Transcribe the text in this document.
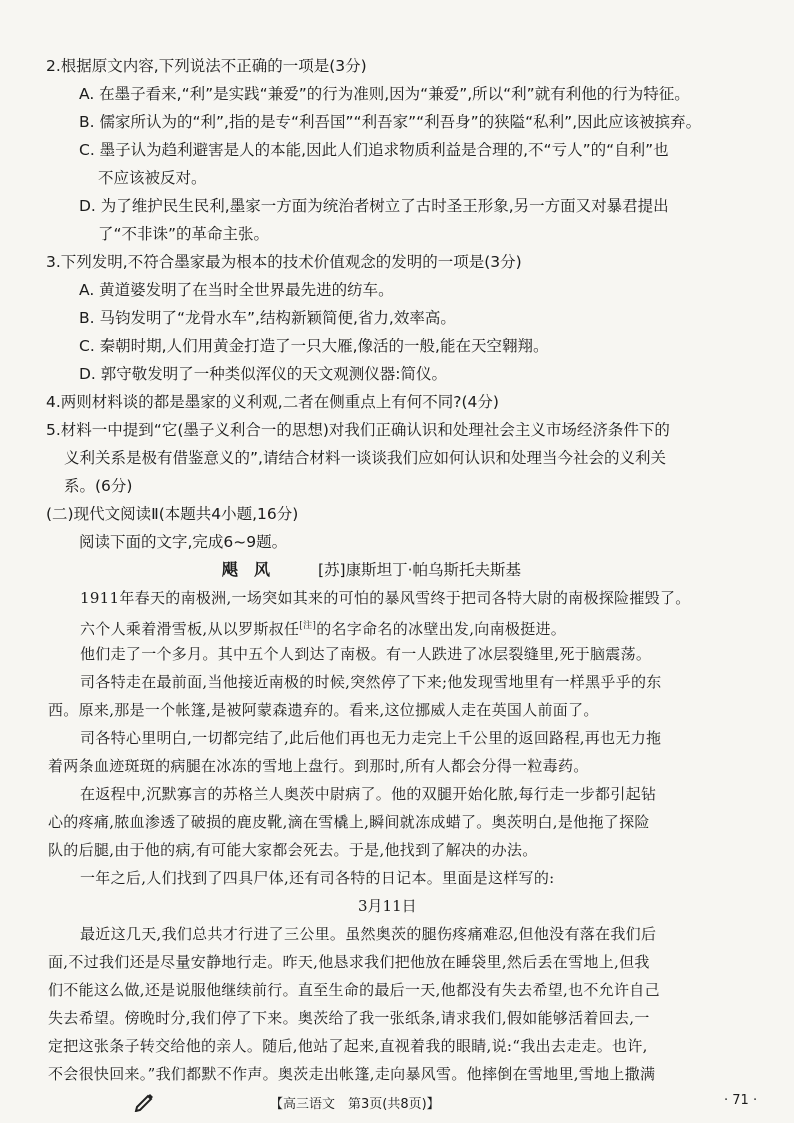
2.根据原文内容,下列说法不正确的一项是(3分)

A. 在墨子看来,“利”是实践“兼爱”的行为准则,因为“兼爱”,所以“利”就有利他的行为特征。

B. 儒家所认为的“利”,指的是专“利吾国”“利吾家”“利吾身”的狭隘“私利”,因此应该被摈弃。

C. 墨子认为趋利避害是人的本能,因此人们追求物质利益是合理的,不“亏人”的“自利”也

不应该被反对。

D. 为了维护民生民利,墨家一方面为统治者树立了古时圣王形象,另一方面又对暴君提出

了“不非诛”的革命主张。

3.下列发明,不符合墨家最为根本的技术价值观念的发明的一项是(3分)

A. 黄道婆发明了在当时全世界最先进的纺车。

B. 马钧发明了“龙骨水车”,结构新颖简便,省力,效率高。

C. 秦朝时期,人们用黄金打造了一只大雁,像活的一般,能在天空翱翔。

D. 郭守敬发明了一种类似浑仪的天文观测仪器:简仪。

4.两则材料谈的都是墨家的义利观,二者在侧重点上有何不同?(4分)

5.材料一中提到“它(墨子义利合一的思想)对我们正确认识和处理社会主义市场经济条件下的

义利关系是极有借鉴意义的”,请结合材料一谈谈我们应如何认识和处理当今社会的义利关

系。(6分)

(二)现代文阅读Ⅱ(本题共4小题,16分)

阅读下面的文字,完成6~9题。

飓　风	[苏]康斯坦丁·帕乌斯托夫斯基

1911年春天的南极洲,一场突如其来的可怕的暴风雪终于把司各特大尉的南极探险摧毁了。

六个人乘着滑雪板,从以罗斯叔任[注]的名字命名的冰壁出发,向南极挺进。

他们走了一个多月。其中五个人到达了南极。有一人跌进了冰层裂缝里,死于脑震荡。

司各特走在最前面,当他接近南极的时候,突然停了下来;他发现雪地里有一样黑乎乎的东

西。原来,那是一个帐篷,是被阿蒙森遗弃的。看来,这位挪威人走在英国人前面了。

司各特心里明白,一切都完结了,此后他们再也无力走完上千公里的返回路程,再也无力拖

着两条血迹斑斑的病腿在冰冻的雪地上盘行。到那时,所有人都会分得一粒毒药。

在返程中,沉默寡言的苏格兰人奥茨中尉病了。他的双腿开始化脓,每行走一步都引起钻

心的疼痛,脓血渗透了破损的鹿皮靴,滴在雪橇上,瞬间就冻成蜡了。奥茨明白,是他拖了探险

队的后腿,由于他的病,有可能大家都会死去。于是,他找到了解决的办法。

一年之后,人们找到了四具尸体,还有司各特的日记本。里面是这样写的:

3月11日

最近这几天,我们总共才行进了三公里。虽然奥茨的腿伤疼痛难忍,但他没有落在我们后

面,不过我们还是尽量安静地行走。昨天,他恳求我们把他放在睡袋里,然后丢在雪地上,但我

们不能这么做,还是说服他继续前行。直至生命的最后一天,他都没有失去希望,也不允许自己

失去希望。傍晚时分,我们停了下来。奥茨给了我一张纸条,请求我们,假如能够活着回去,一

定把这张条子转交给他的亲人。随后,他站了起来,直视着我的眼睛,说:“我出去走走。也许,

不会很快回来。”我们都默不作声。奥茨走出帐篷,走向暴风雪。他摔倒在雪地里,雪地上撒满

【高三语文　第3页(共8页)】	· 71 ·
